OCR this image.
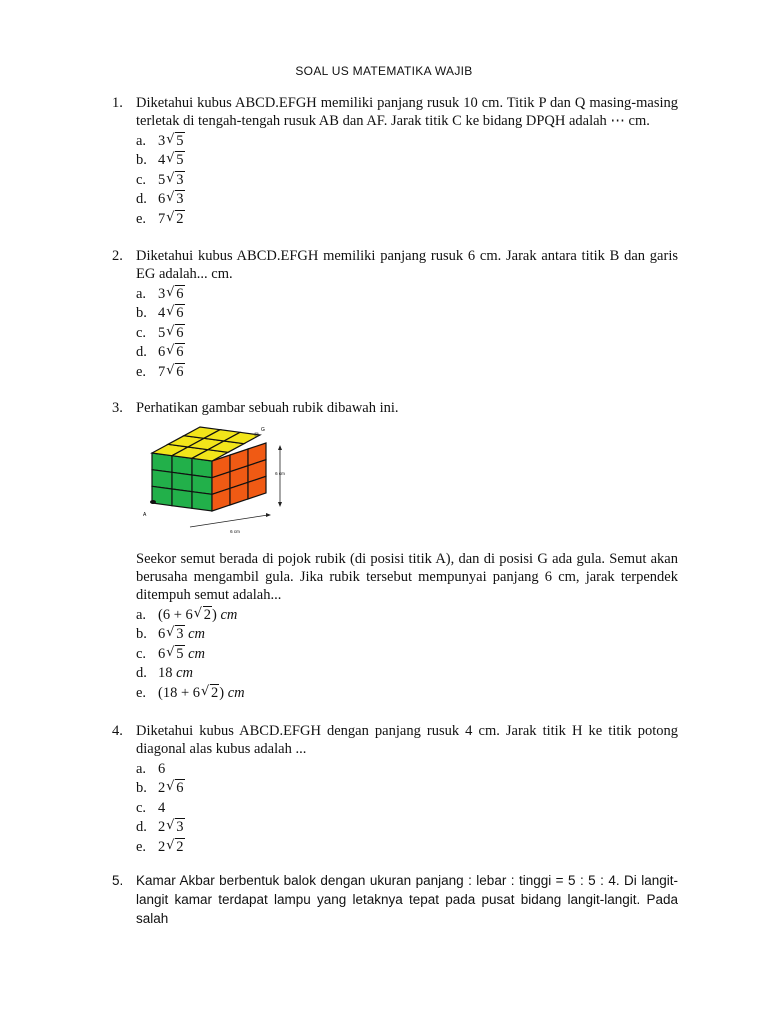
SOAL US MATEMATIKA WAJIB
1. Diketahui kubus ABCD.EFGH memiliki panjang rusuk 10 cm. Titik P dan Q masing-masing terletak di tengah-tengah rusuk AB dan AF. Jarak titik C ke bidang DPQH adalah ⋯ cm.
a. 3 √ 5
b. 4 √ 5
c. 5 √ 3
d. 6 √ 3
e. 7 √ 2
2. Diketahui kubus ABCD.EFGH memiliki panjang rusuk 6 cm. Jarak antara titik B dan garis EG adalah... cm.
a. 3 √ 6
b. 4 √ 6
c. 5 √ 6
d. 6 √ 6
e. 7 √ 6
3. Perhatikan gambar sebuah rubik dibawah ini.
6 cm
6 cm
A
G
Seekor semut berada di pojok rubik (di posisi titik A), dan di posisi G ada gula. Semut akan berusaha mengambil gula. Jika rubik tersebut mempunyai panjang 6 cm, jarak terpendek ditempuh semut adalah...
a. (6 + 6 √ 2) cm
b. 6 √ 3 cm
c. 6 √ 5 cm
d. 18 cm
e. (18 + 6 √ 2) cm
4. Diketahui kubus ABCD.EFGH dengan panjang rusuk 4 cm. Jarak titik H ke titik potong diagonal alas kubus adalah ...
a. 6
b. 2 √ 6
c. 4
d. 2 √ 3
e. 2 √ 2
5. Kamar Akbar berbentuk balok dengan ukuran panjang : lebar : tinggi = 5 : 5 : 4. Di langit-langit kamar terdapat lampu yang letaknya tepat pada pusat bidang langit-langit. Pada salah
